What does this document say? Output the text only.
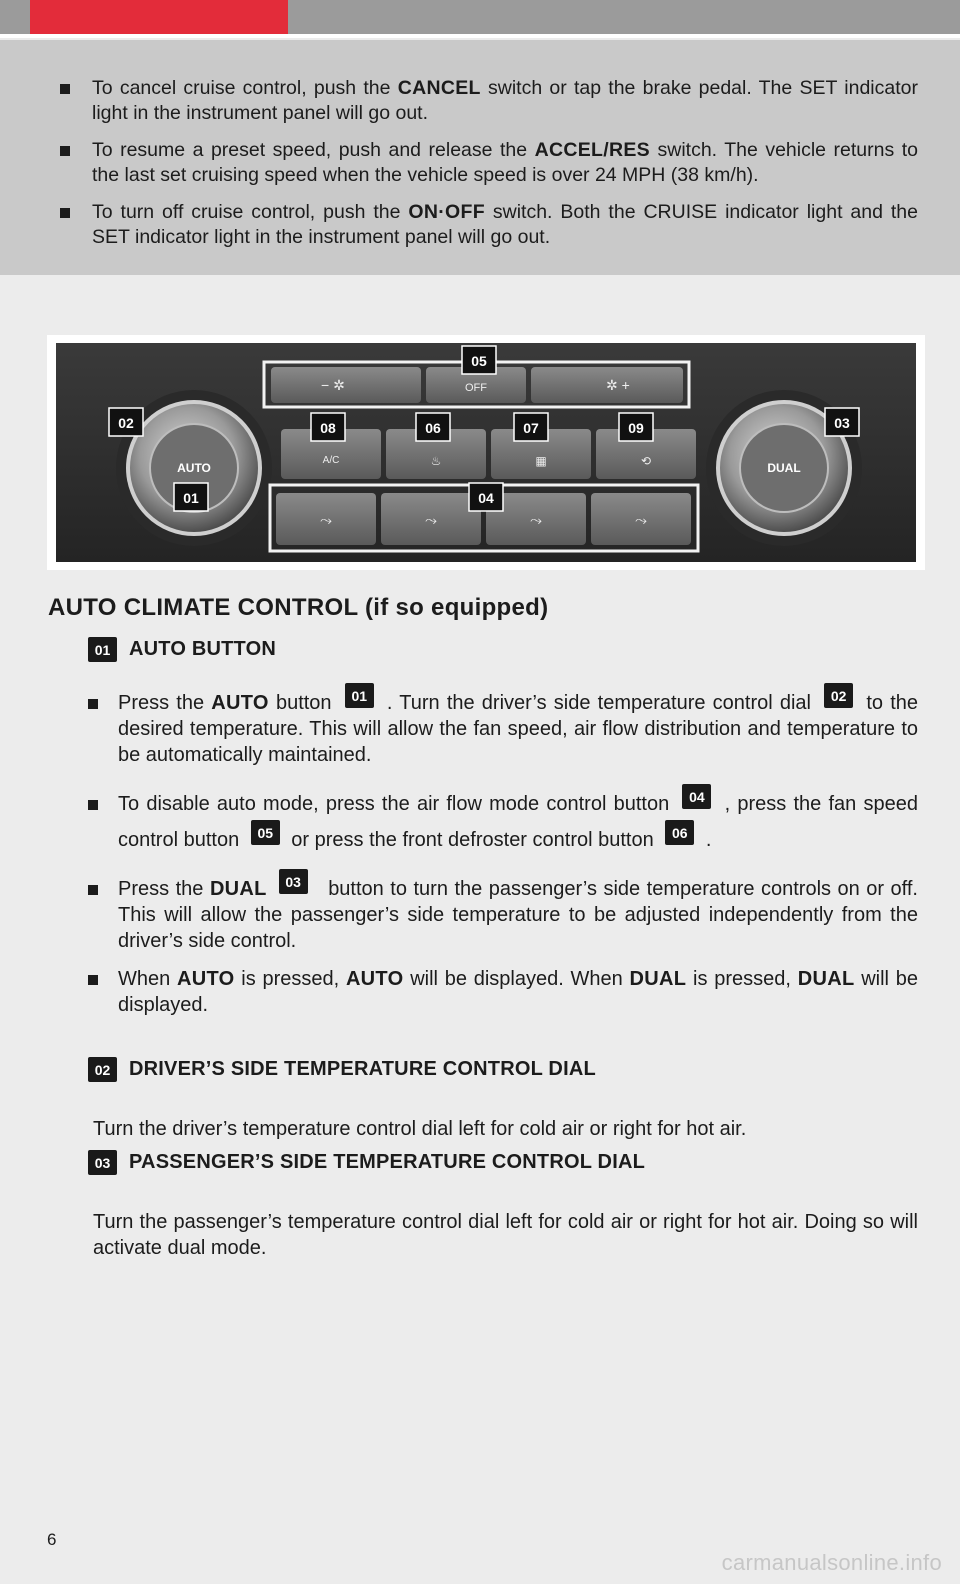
To cancel cruise control, push the CANCEL switch or tap the brake pedal. The SET indicator light in the instrument panel will go out.
To resume a preset speed, push and release the ACCEL/RES switch. The vehicle returns to the last set cruising speed when the vehicle speed is over 24 MPH (38 km/h).
To turn off cruise control, push the ON·OFF switch. Both the CRUISE indicator light and the SET indicator light in the instrument panel will go out.
AUTO	DUAL
− ✲	OFF	✲ +
A/C	♨	▦	⟲
⤳	⤳	⤳	⤳
05
02	08	06	07	09	03
01	04
AUTO CLIMATE CONTROL (if so equipped)
01 AUTO BUTTON
Press the AUTO button 01 . Turn the driver’s side temperature control dial 02 to the desired temperature. This will allow the fan speed, air flow distribution and temperature to be automatically maintained.
To disable auto mode, press the air flow mode control button 04 , press the fan speed control button 05 or press the front defroster control button 06 .
Press the DUAL 03 button to turn the passenger’s side temperature controls on or off. This will allow the passenger’s side temperature to be adjusted independently from the driver’s side control.
When AUTO is pressed, AUTO will be displayed. When DUAL is pressed, DUAL will be displayed.
02 DRIVER’S SIDE TEMPERATURE CONTROL DIAL
Turn the driver’s temperature control dial left for cold air or right for hot air.
03 PASSENGER’S SIDE TEMPERATURE CONTROL DIAL
Turn the passenger’s temperature control dial left for cold air or right for hot air. Doing so will activate dual mode.
6
carmanualsonline.info
